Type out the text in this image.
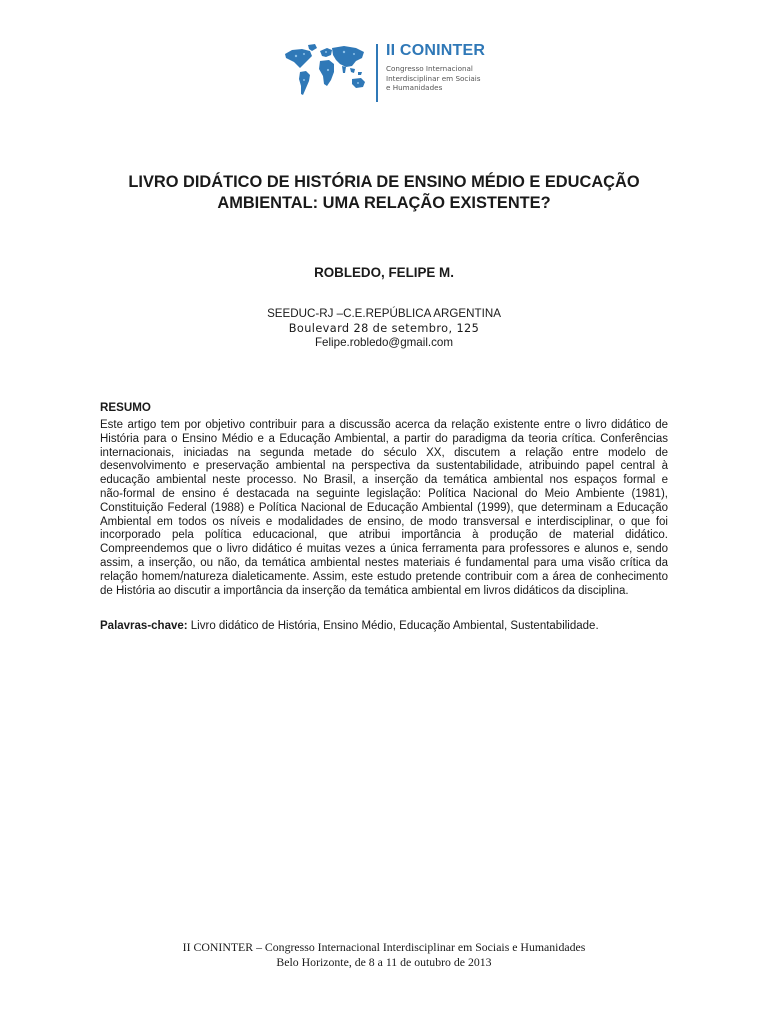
II CONINTER
Congresso Internacional
Interdisciplinar em Sociais
e Humanidades
LIVRO DIDÁTICO DE HISTÓRIA DE ENSINO MÉDIO E EDUCAÇÃO
AMBIENTAL: UMA RELAÇÃO EXISTENTE?
ROBLEDO, FELIPE M.
SEEDUC-RJ –C.E.REPÚBLICA ARGENTINA
Boulevard 28 de setembro, 125
Felipe.robledo@gmail.com
RESUMO
Este artigo tem por objetivo contribuir para a discussão acerca da relação existente entre o livro didático de
História para o Ensino Médio e a Educação Ambiental, a partir do paradigma da teoria crítica. Conferências
internacionais, iniciadas na segunda metade do século XX, discutem a relação entre modelo de
desenvolvimento e preservação ambiental na perspectiva da sustentabilidade, atribuindo papel central à
educação ambiental neste processo. No Brasil, a inserção da temática ambiental nos espaços formal e
não-formal de ensino é destacada na seguinte legislação: Política Nacional do Meio Ambiente (1981),
Constituição Federal (1988) e Política Nacional de Educação Ambiental (1999), que determinam a Educação
Ambiental em todos os níveis e modalidades de ensino, de modo transversal e interdisciplinar, o que foi
incorporado pela política educacional, que atribui importância à produção de material didático.
Compreendemos que o livro didático é muitas vezes a única ferramenta para professores e alunos e, sendo
assim, a inserção, ou não, da temática ambiental nestes materiais é fundamental para uma visão crítica da
relação homem/natureza dialeticamente. Assim, este estudo pretende contribuir com a área de conhecimento
de História ao discutir a importância da inserção da temática ambiental em livros didáticos da disciplina.
Palavras-chave: Livro didático de História, Ensino Médio, Educação Ambiental, Sustentabilidade.
II CONINTER – Congresso Internacional Interdisciplinar em Sociais e Humanidades
Belo Horizonte, de 8 a 11 de outubro de 2013
